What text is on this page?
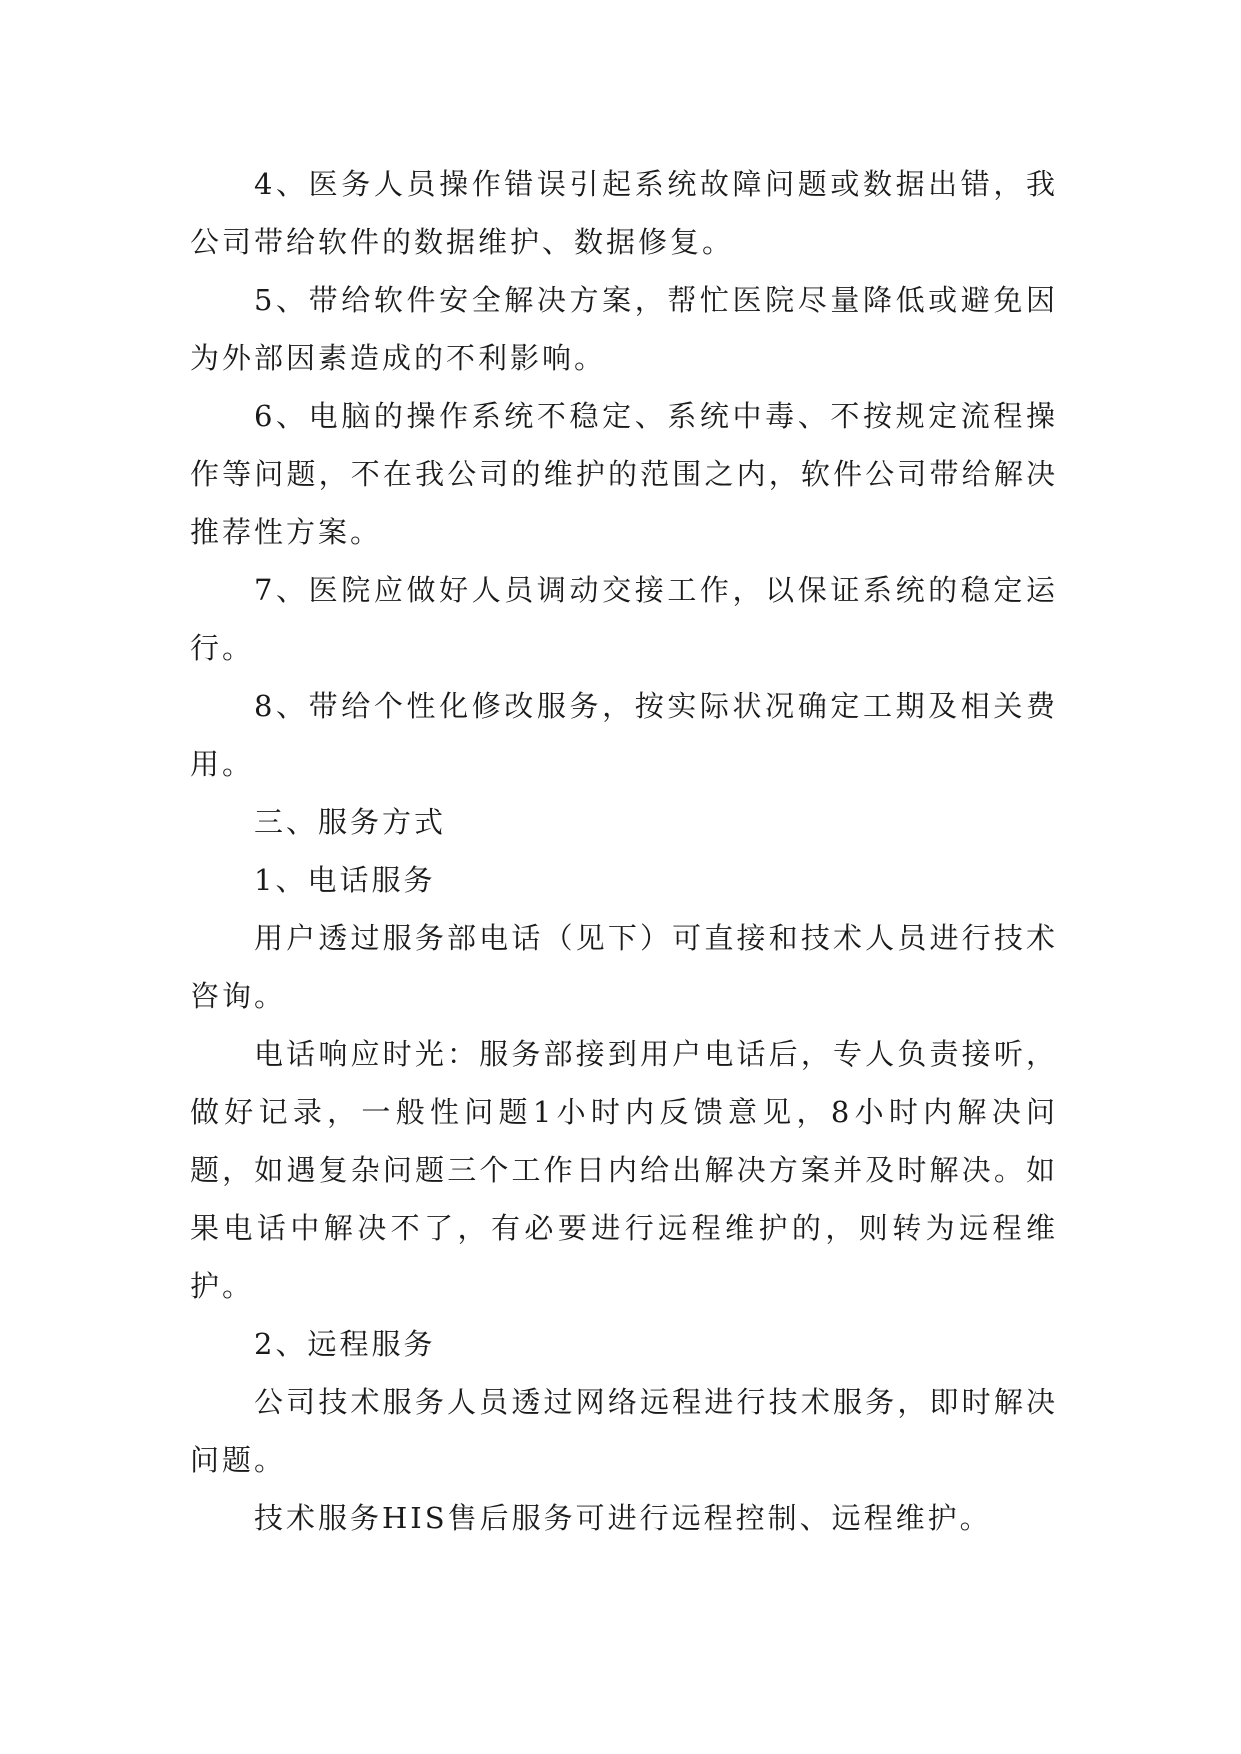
4、医务人员操作错误引起系统故障问题或数据出错，我公司带给软件的数据维护、数据修复。

5、带给软件安全解决方案，帮忙医院尽量降低或避免因为外部因素造成的不利影响。

6、电脑的操作系统不稳定、系统中毒、不按规定流程操作等问题，不在我公司的维护的范围之内，软件公司带给解决推荐性方案。

7、医院应做好人员调动交接工作，以保证系统的稳定运行。

8、带给个性化修改服务，按实际状况确定工期及相关费用。

三、服务方式

1、电话服务

用户透过服务部电话（见下）可直接和技术人员进行技术咨询。

电话响应时光：服务部接到用户电话后，专人负责接听，做好记录，一般性问题1小时内反馈意见，8小时内解决问题，如遇复杂问题三个工作日内给出解决方案并及时解决。如果电话中解决不了，有必要进行远程维护的，则转为远程维护。

2、远程服务

公司技术服务人员透过网络远程进行技术服务，即时解决问题。

技术服务HIS售后服务可进行远程控制、远程维护。
